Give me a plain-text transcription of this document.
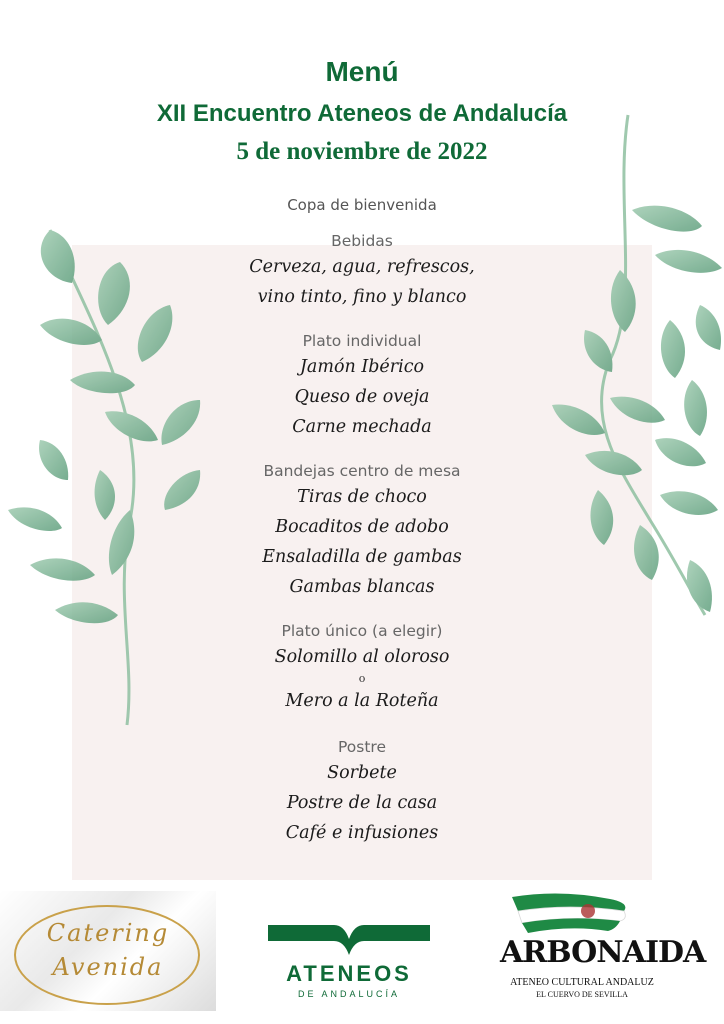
Menú
XII Encuentro Ateneos de Andalucía
5 de noviembre de 2022
Copa de bienvenida
Bebidas
Cerveza, agua, refrescos,
vino tinto, fino y blanco
Plato individual
Jamón Ibérico
Queso de oveja
Carne mechada
Bandejas centro de mesa
Tiras de choco
Bocaditos de adobo
Ensaladilla de gambas
Gambas blancas
Plato único (a elegir)
Solomillo al oloroso
o
Mero a la Roteña
Postre
Sorbete
Postre de la casa
Café e infusiones
Catering
Avenida	ATENEOS
DE ANDALUCÍA
ARBONAIDA
ATENEO CULTURAL ANDALUZ
EL CUERVO DE SEVILLA
